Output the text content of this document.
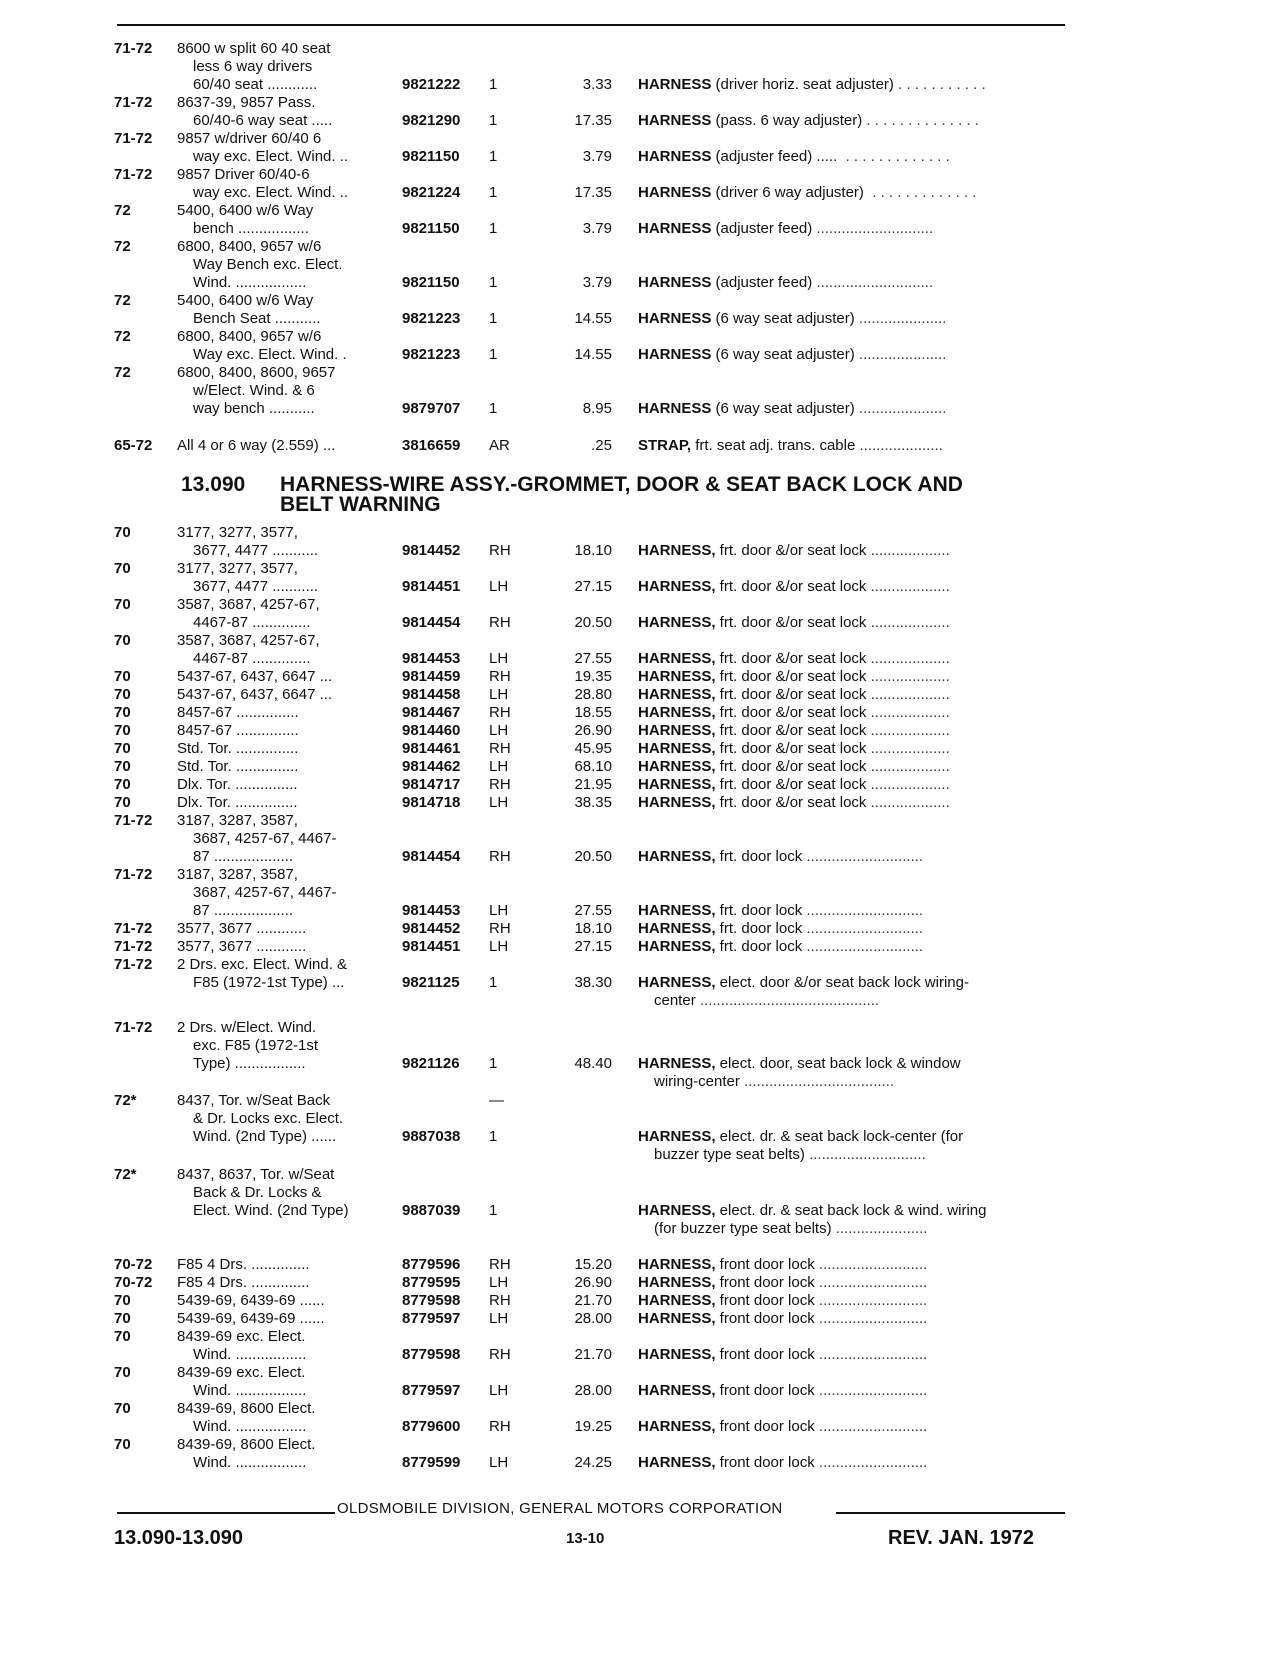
71-72	8600 w split 60 40 seat
less 6 way drivers
60/40 seat ............	9821222	1	3.33 HARNESS (driver horiz. seat adjuster) . . . . . . . . . . .
71-72	8637-39, 9857 Pass.
60/40-6 way seat .....	9821290	1	17.35 HARNESS (pass. 6 way adjuster) . . . . . . . . . . . . . .
71-72	9857 w/driver 60/40 6
way exc. Elect. Wind. ..	9821150	1	3.79 HARNESS (adjuster feed) .....  . . . . . . . . . . . . .
71-72	9857 Driver 60/40-6
way exc. Elect. Wind. ..	9821224	1	17.35 HARNESS (driver 6 way adjuster)  . . . . . . . . . . . . .
72	5400, 6400 w/6 Way
bench .................	9821150	1	3.79 HARNESS (adjuster feed) ............................
72	6800, 8400, 9657 w/6
Way Bench exc. Elect.
Wind. .................	9821150	1	3.79 HARNESS (adjuster feed) ............................
72	5400, 6400 w/6 Way
Bench Seat ...........	9821223	1	14.55 HARNESS (6 way seat adjuster) .....................
72	6800, 8400, 9657 w/6
Way exc. Elect. Wind. .	9821223	1	14.55 HARNESS (6 way seat adjuster) .....................
72	6800, 8400, 8600, 9657
w/Elect. Wind. & 6
way bench ...........	9879707	1	8.95 HARNESS (6 way seat adjuster) .....................
65-72	All 4 or 6 way (2.559) ...	3816659	AR	.25 STRAP, frt. seat adj. trans. cable ....................
70	3177, 3277, 3577,
3677, 4477 ...........	9814452	RH	18.10 HARNESS, frt. door &/or seat lock ...................
70	3177, 3277, 3577,
3677, 4477 ...........	9814451	LH	27.15 HARNESS, frt. door &/or seat lock ...................
70	3587, 3687, 4257-67,
4467-87 ..............	9814454	RH	20.50 HARNESS, frt. door &/or seat lock ...................
70	3587, 3687, 4257-67,
4467-87 ..............	9814453	LH	27.55 HARNESS, frt. door &/or seat lock ...................
70	5437-67, 6437, 6647 ...	9814459	RH	19.35 HARNESS, frt. door &/or seat lock ...................
70	5437-67, 6437, 6647 ...	9814458	LH	28.80 HARNESS, frt. door &/or seat lock ...................
70	8457-67 ...............	9814467	RH	18.55 HARNESS, frt. door &/or seat lock ...................
70	8457-67 ...............	9814460	LH	26.90 HARNESS, frt. door &/or seat lock ...................
70	Std. Tor. ...............	9814461	RH	45.95 HARNESS, frt. door &/or seat lock ...................
70	Std. Tor. ...............	9814462	LH	68.10 HARNESS, frt. door &/or seat lock ...................
70	Dlx. Tor. ...............	9814717	RH	21.95 HARNESS, frt. door &/or seat lock ...................
70	Dlx. Tor. ...............	9814718	LH	38.35 HARNESS, frt. door &/or seat lock ...................
71-72	3187, 3287, 3587,
3687, 4257-67, 4467-
87 ...................	9814454	RH	20.50 HARNESS, frt. door lock ............................
71-72	3187, 3287, 3587,
3687, 4257-67, 4467-
87 ...................	9814453	LH	27.55 HARNESS, frt. door lock ............................
71-72	3577, 3677 ............	9814452	RH	18.10 HARNESS, frt. door lock ............................
71-72	3577, 3677 ............	9814451	LH	27.15 HARNESS, frt. door lock ............................
71-72	2 Drs. exc. Elect. Wind. &
F85 (1972-1st Type) ...	9821125	1	38.30 HARNESS, elect. door &/or seat back lock wiring-
center ...........................................
71-72	2 Drs. w/Elect. Wind.
exc. F85 (1972-1st
Type) .................	9821126	1	48.40 HARNESS, elect. door, seat back lock & window
wiring-center ....................................
72*	8437, Tor. w/Seat Back	—
& Dr. Locks exc. Elect.
Wind. (2nd Type) ......	9887038	1	HARNESS, elect. dr. & seat back lock-center (for
buzzer type seat belts) ............................
72*	8437, 8637, Tor. w/Seat
Back & Dr. Locks &
Elect. Wind. (2nd Type)	9887039	1	HARNESS, elect. dr. & seat back lock & wind. wiring
(for buzzer type seat belts) ......................
70-72	F85 4 Drs. ..............	8779596	RH	15.20 HARNESS, front door lock ..........................
70-72	F85 4 Drs. ..............	8779595	LH	26.90 HARNESS, front door lock ..........................
70	5439-69, 6439-69 ......	8779598	RH	21.70 HARNESS, front door lock ..........................
70	5439-69, 6439-69 ......	8779597	LH	28.00 HARNESS, front door lock ..........................
70	8439-69 exc. Elect.
Wind. .................	8779598	RH	21.70 HARNESS, front door lock ..........................
70	8439-69 exc. Elect.
Wind. .................	8779597	LH	28.00 HARNESS, front door lock ..........................
70	8439-69, 8600 Elect.
Wind. .................	8779600	RH	19.25 HARNESS, front door lock ..........................
70	8439-69, 8600 Elect.
Wind. .................	8779599	LH	24.25 HARNESS, front door lock ..........................
13.090 HARNESS-WIRE ASSY.-GROMMET, DOOR & SEAT BACK LOCK AND
BELT WARNING
OLDSMOBILE DIVISION, GENERAL MOTORS CORPORATION
13.090-13.090	13-10	REV. JAN. 1972
